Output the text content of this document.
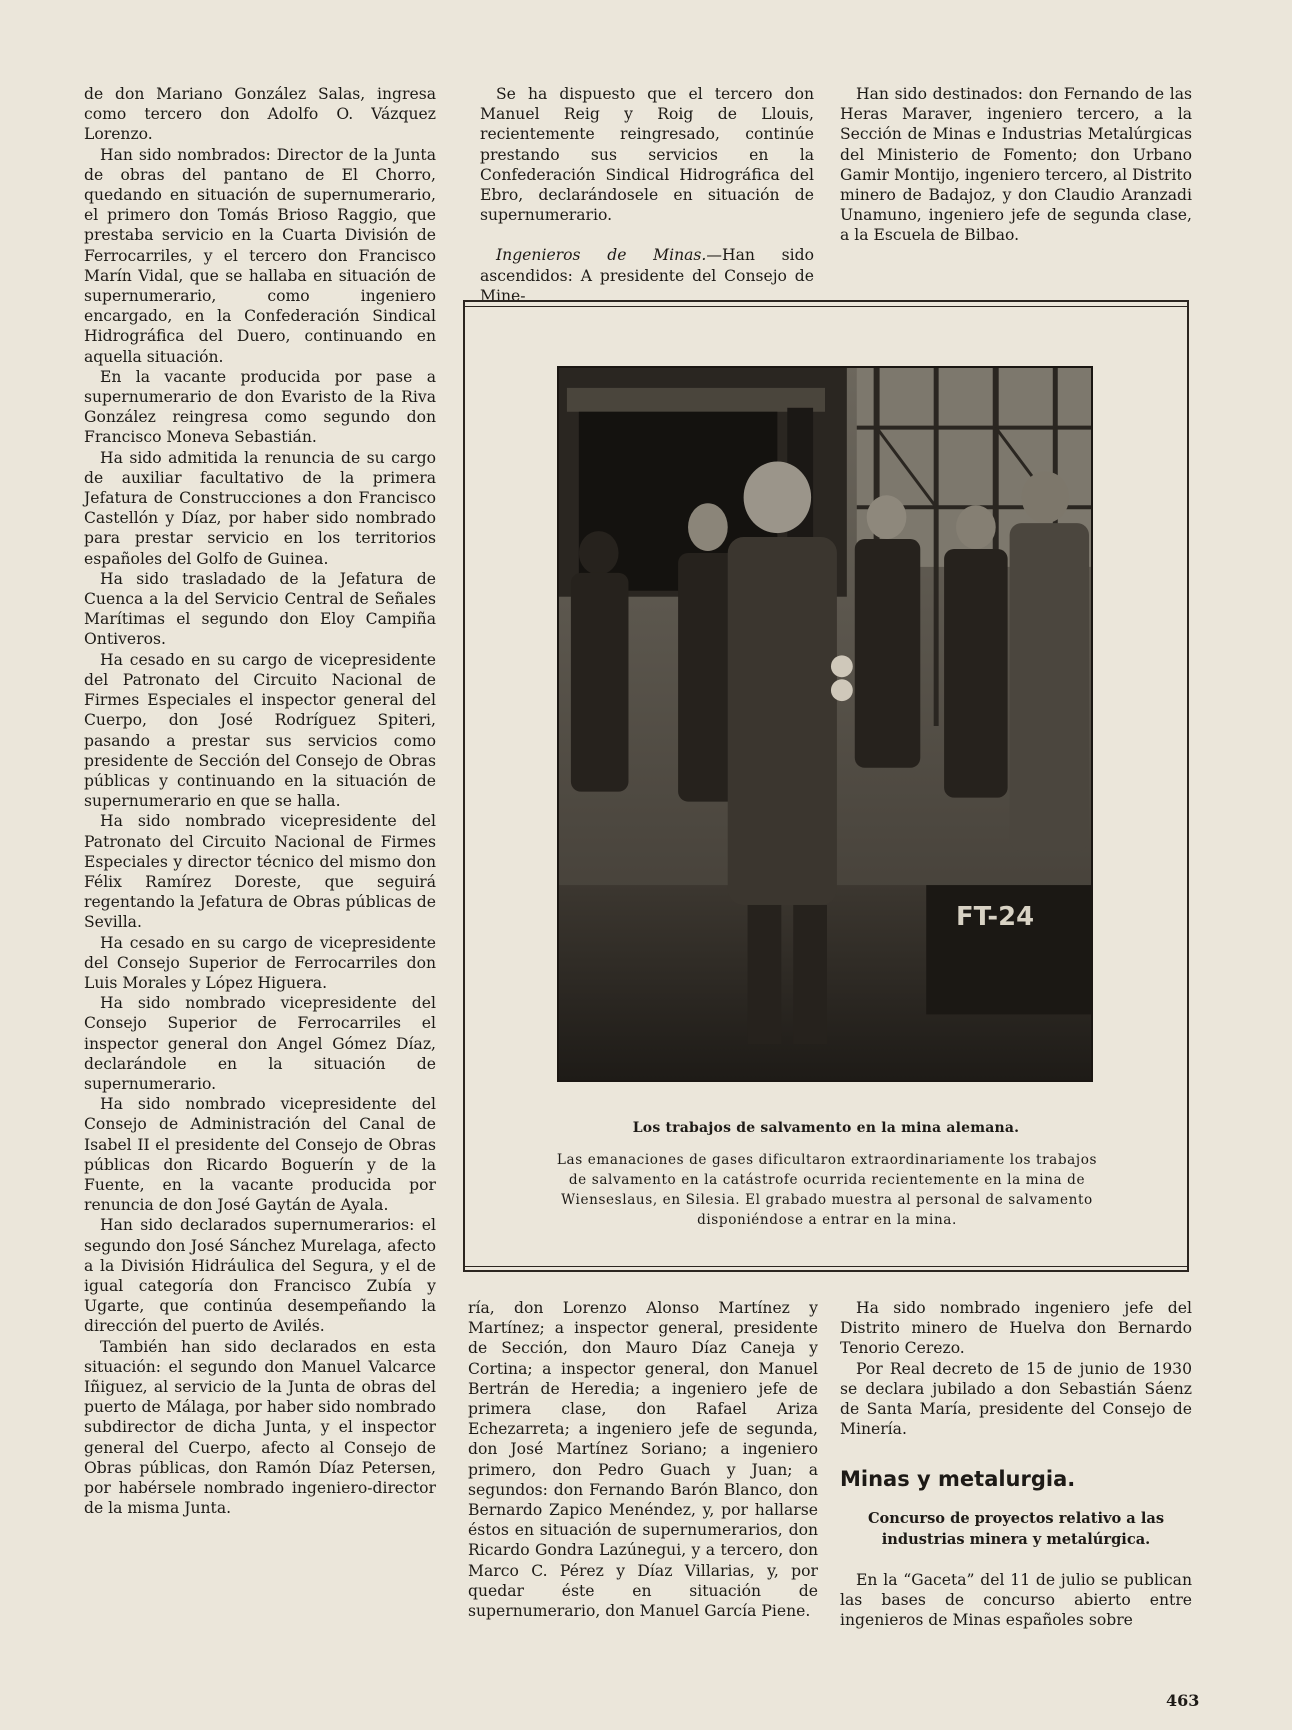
de don Mariano González Salas, ingresa como tercero don Adolfo O. Vázquez Lorenzo.

Han sido nombrados: Director de la Junta de obras del pantano de El Chorro, quedando en situación de supernumerario, el primero don Tomás Brioso Raggio, que prestaba servicio en la Cuarta División de Ferrocarriles, y el tercero don Francisco Marín Vidal, que se hallaba en situación de supernumerario, como ingeniero encargado, en la Confederación Sindical Hidrográfica del Duero, continuando en aquella situación.

En la vacante producida por pase a supernumerario de don Evaristo de la Riva González reingresa como segundo don Francisco Moneva Sebastián.

Ha sido admitida la renuncia de su cargo de auxiliar facultativo de la primera Jefatura de Construcciones a don Francisco Castellón y Díaz, por haber sido nombrado para prestar servicio en los territorios españoles del Golfo de Guinea.

Ha sido trasladado de la Jefatura de Cuenca a la del Servicio Central de Señales Marítimas el segundo don Eloy Campiña Ontiveros.

Ha cesado en su cargo de vicepresidente del Patronato del Circuito Nacional de Firmes Especiales el inspector general del Cuerpo, don José Rodríguez Spiteri, pasando a prestar sus servicios como presidente de Sección del Consejo de Obras públicas y continuando en la situación de supernumerario en que se halla.

Ha sido nombrado vicepresidente del Patronato del Circuito Nacional de Firmes Especiales y director técnico del mismo don Félix Ramírez Doreste, que seguirá regentando la Jefatura de Obras públicas de Sevilla.

Ha cesado en su cargo de vicepresidente del Consejo Superior de Ferrocarriles don Luis Morales y López Higuera.

Ha sido nombrado vicepresidente del Consejo Superior de Ferrocarriles el inspector general don Angel Gómez Díaz, declarándole en la situación de supernumerario.

Ha sido nombrado vicepresidente del Consejo de Administración del Canal de Isabel II el presidente del Consejo de Obras públicas don Ricardo Boguerín y de la Fuente, en la vacante producida por renuncia de don José Gaytán de Ayala.

Han sido declarados supernumerarios: el segundo don José Sánchez Murelaga, afecto a la División Hidráulica del Segura, y el de igual categoría don Francisco Zubía y Ugarte, que continúa desempeñando la dirección del puerto de Avilés.

También han sido declarados en esta situación: el segundo don Manuel Valcarce Iñiguez, al servicio de la Junta de obras del puerto de Málaga, por haber sido nombrado subdirector de dicha Junta, y el inspector general del Cuerpo, afecto al Consejo de Obras públicas, don Ramón Díaz Petersen, por habérsele nombrado ingeniero-director de la misma Junta.

Se ha dispuesto que el tercero don Manuel Reig y Roig de Llouis, recientemente reingresado, continúe prestando sus servicios en la Confederación Sindical Hidrográfica del Ebro, declarándosele en situación de supernumerario.

Ingenieros de Minas.—Han sido ascendidos: A presidente del Consejo de Mine-

Han sido destinados: don Fernando de las Heras Maraver, ingeniero tercero, a la Sección de Minas e Industrias Metalúrgicas del Ministerio de Fomento; don Urbano Gamir Montijo, ingeniero tercero, al Distrito minero de Badajoz, y don Claudio Aranzadi Unamuno, ingeniero jefe de segunda clase, a la Escuela de Bilbao.

FT-24
Los trabajos de salvamento en la mina alemana.
Las emanaciones de gases dificultaron extraordinariamente los trabajos de salvamento en la catástrofe ocurrida recientemente en la mina de Wienseslaus, en Silesia. El grabado muestra al personal de salvamento disponiéndose a entrar en la mina.

ría, don Lorenzo Alonso Martínez y Martínez; a inspector general, presidente de Sección, don Mauro Díaz Caneja y Cortina; a inspector general, don Manuel Bertrán de Heredia; a ingeniero jefe de primera clase, don Rafael Ariza Echezarreta; a ingeniero jefe de segunda, don José Martínez Soriano; a ingeniero primero, don Pedro Guach y Juan; a segundos: don Fernando Barón Blanco, don Bernardo Zapico Menéndez, y, por hallarse éstos en situación de supernumerarios, don Ricardo Gondra Lazúnegui, y a tercero, don Marco C. Pérez y Díaz Villarias, y, por quedar éste en situación de supernumerario, don Manuel García Piene.

Ha sido nombrado ingeniero jefe del Distrito minero de Huelva don Bernardo Tenorio Cerezo.

Por Real decreto de 15 de junio de 1930 se declara jubilado a don Sebastián Sáenz de Santa María, presidente del Consejo de Minería.

Minas y metalurgia.

Concurso de proyectos relativo a las industrias minera y metalúrgica.

En la “Gaceta” del 11 de julio se publican las bases de concurso abierto entre ingenieros de Minas españoles sobre

463
